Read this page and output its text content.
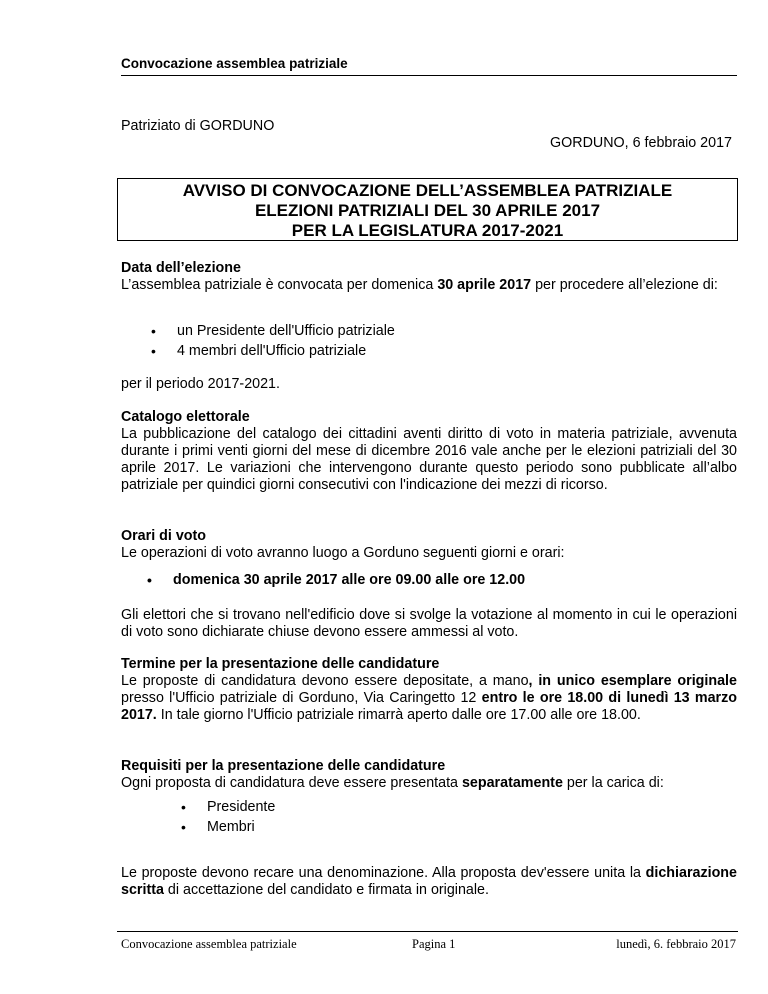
Convocazione assemblea patriziale
Patriziato di GORDUNO
GORDUNO, 6 febbraio 2017
AVVISO DI CONVOCAZIONE DELL’ASSEMBLEA PATRIZIALE
ELEZIONI PATRIZIALI DEL 30 APRILE 2017
PER LA LEGISLATURA 2017-2021
Data dell’elezione
L’assemblea patriziale è convocata per domenica 30 aprile 2017 per procedere all’elezione di:
• un Presidente dell'Ufficio patriziale
• 4 membri dell'Ufficio patriziale
per il periodo 2017-2021.
Catalogo elettorale
La pubblicazione del catalogo dei cittadini aventi diritto di voto in materia patriziale, avvenuta durante i primi venti giorni del mese di dicembre 2016 vale anche per le elezioni patriziali del 30 aprile 2017. Le variazioni che intervengono durante questo periodo sono pubblicate all’albo patriziale per quindici giorni consecutivi con l'indicazione dei mezzi di ricorso.
Orari di voto
Le operazioni di voto avranno luogo a Gorduno seguenti giorni e orari:
• domenica 30 aprile 2017 alle ore 09.00 alle ore 12.00
Gli elettori che si trovano nell'edificio dove si svolge la votazione al momento in cui le operazioni di voto sono dichiarate chiuse devono essere ammessi al voto.
Termine per la presentazione delle candidature
Le proposte di candidatura devono essere depositate, a mano, in unico esemplare originale presso l'Ufficio patriziale di Gorduno, Via Caringetto 12 entro le ore 18.00 di lunedì 13 marzo 2017. In tale giorno l'Ufficio patriziale rimarrà aperto dalle ore 17.00 alle ore 18.00.
Requisiti per la presentazione delle candidature
Ogni proposta di candidatura deve essere presentata separatamente per la carica di:
• Presidente
• Membri
Le proposte devono recare una denominazione. Alla proposta dev'essere unita la dichiarazione scritta di accettazione del candidato e firmata in originale.
Convocazione assemblea patriziale	Pagina 1	lunedì, 6. febbraio 2017
